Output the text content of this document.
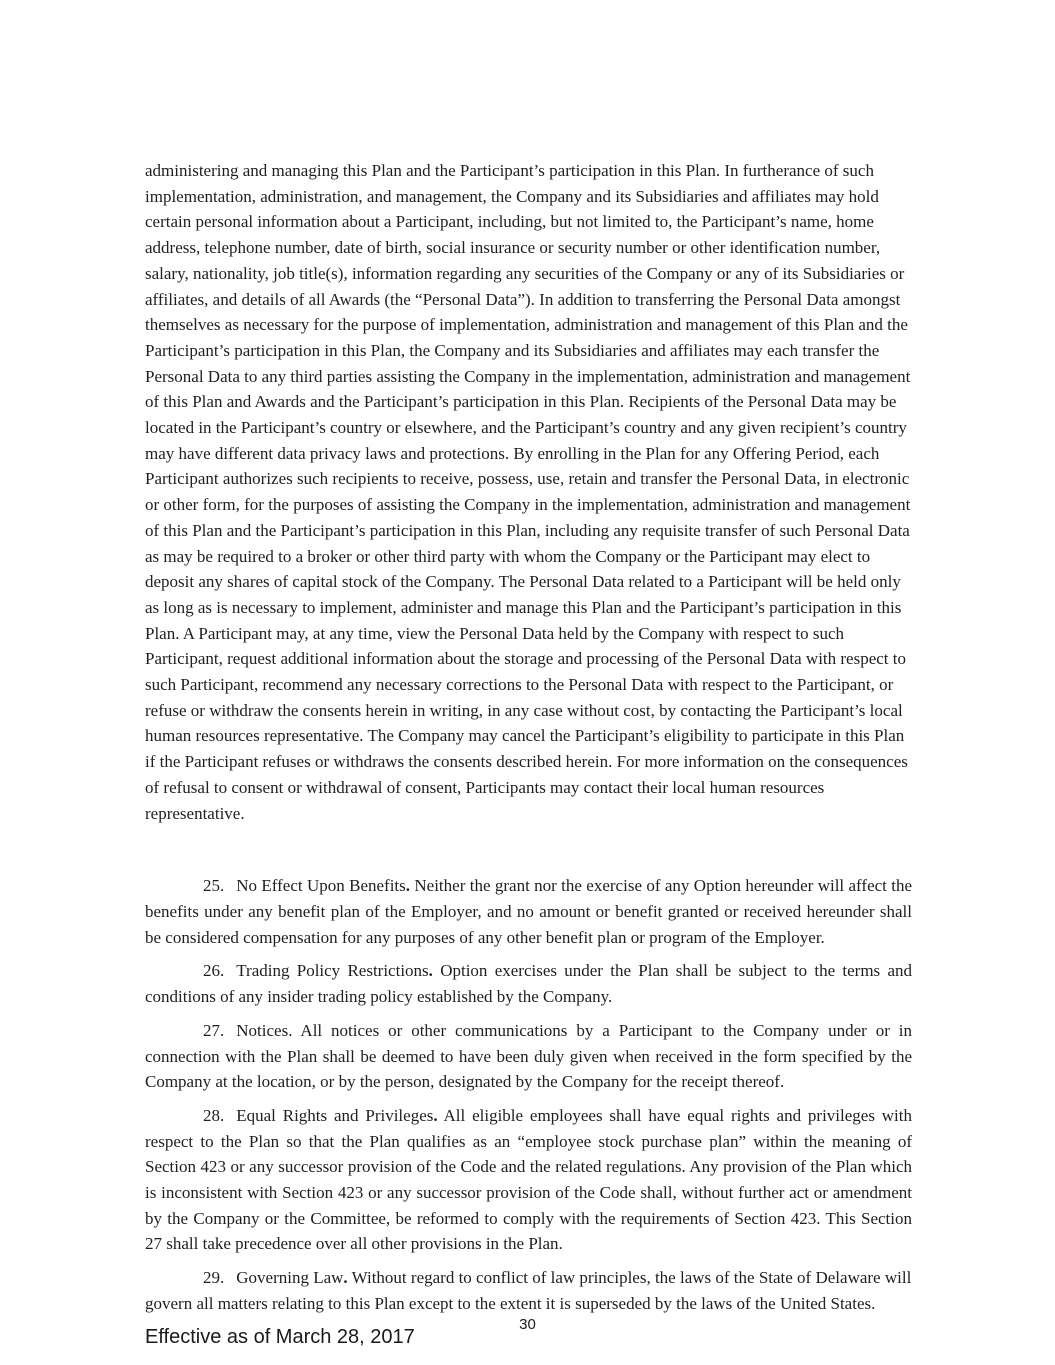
administering and managing this Plan and the Participant’s participation in this Plan. In furtherance of such implementation, administration, and management, the Company and its Subsidiaries and affiliates may hold certain personal information about a Participant, including, but not limited to, the Participant’s name, home address, telephone number, date of birth, social insurance or security number or other identification number, salary, nationality, job title(s), information regarding any securities of the Company or any of its Subsidiaries or affiliates, and details of all Awards (the “Personal Data”). In addition to transferring the Personal Data amongst themselves as necessary for the purpose of implementation, administration and management of this Plan and the Participant’s participation in this Plan, the Company and its Subsidiaries and affiliates may each transfer the Personal Data to any third parties assisting the Company in the implementation, administration and management of this Plan and Awards and the Participant’s participation in this Plan. Recipients of the Personal Data may be located in the Participant’s country or elsewhere, and the Participant’s country and any given recipient’s country may have different data privacy laws and protections. By enrolling in the Plan for any Offering Period, each Participant authorizes such recipients to receive, possess, use, retain and transfer the Personal Data, in electronic or other form, for the purposes of assisting the Company in the implementation, administration and management of this Plan and the Participant’s participation in this Plan, including any requisite transfer of such Personal Data as may be required to a broker or other third party with whom the Company or the Participant may elect to deposit any shares of capital stock of the Company. The Personal Data related to a Participant will be held only as long as is necessary to implement, administer and manage this Plan and the Participant’s participation in this Plan. A Participant may, at any time, view the Personal Data held by the Company with respect to such Participant, request additional information about the storage and processing of the Personal Data with respect to such Participant, recommend any necessary corrections to the Personal Data with respect to the Participant, or refuse or withdraw the consents herein in writing, in any case without cost, by contacting the Participant’s local human resources representative. The Company may cancel the Participant’s eligibility to participate in this Plan if the Participant refuses or withdraws the consents described herein. For more information on the consequences of refusal to consent or withdrawal of consent, Participants may contact their local human resources representative.

25. No Effect Upon Benefits. Neither the grant nor the exercise of any Option hereunder will affect the benefits under any benefit plan of the Employer, and no amount or benefit granted or received hereunder shall be considered compensation for any purposes of any other benefit plan or program of the Employer.

26. Trading Policy Restrictions. Option exercises under the Plan shall be subject to the terms and conditions of any insider trading policy established by the Company.

27. Notices. All notices or other communications by a Participant to the Company under or in connection with the Plan shall be deemed to have been duly given when received in the form specified by the Company at the location, or by the person, designated by the Company for the receipt thereof.

28. Equal Rights and Privileges. All eligible employees shall have equal rights and privileges with respect to the Plan so that the Plan qualifies as an “employee stock purchase plan” within the meaning of Section 423 or any successor provision of the Code and the related regulations. Any provision of the Plan which is inconsistent with Section 423 or any successor provision of the Code shall, without further act or amendment by the Company or the Committee, be reformed to comply with the requirements of Section 423. This Section 27 shall take precedence over all other provisions in the Plan.

29. Governing Law. Without regard to conflict of law principles, the laws of the State of Delaware will govern all matters relating to this Plan except to the extent it is superseded by the laws of the United States.

Effective as of March 28, 2017
30
